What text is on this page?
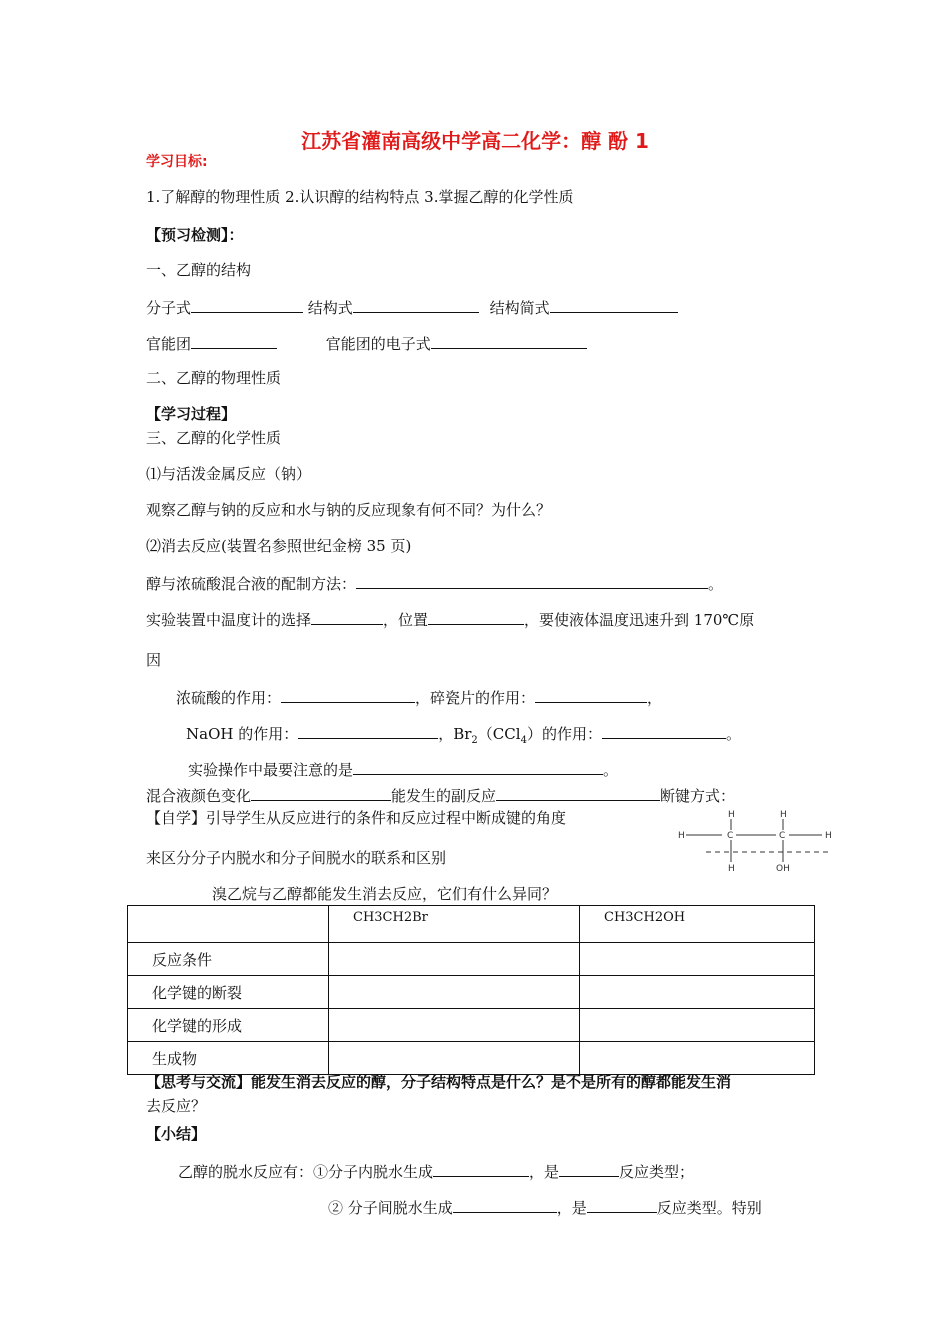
江苏省灌南高级中学高二化学：醇 酚 1
学习目标:
1.了解醇的物理性质 2.认识醇的结构特点 3.掌握乙醇的化学性质
【预习检测】：
一、乙醇的结构
分子式	结构式	结构简式
官能团	官能团的电子式
二、乙醇的物理性质
【学习过程】
三、乙醇的化学性质
⑴与活泼金属反应（钠）
观察乙醇与钠的反应和水与钠的反应现象有何不同？为什么？
⑵消去反应(装置名参照世纪金榜 35 页)
醇与浓硫酸混合液的配制方法：	。
实验装置中温度计的选择	，位置	，要使液体温度迅速升到 170℃原
因
浓硫酸的作用：	，碎瓷片的作用：	，
NaOH 的作用：	，$Br_2(CCl_4)$的作用：	。
实验操作中最要注意的是	。
混合液颜色变化	能发生的副反应	断键方式：
【自学】引导学生从反应进行的条件和反应过程中断成键的角度
来区分分子内脱水和分子间脱水的联系和区别
H	H
H	C	C	H
H	OH
溴乙烷与乙醇都能发生消去反应，它们有什么异同？
	CH3CH2Br	CH3CH2OH
反应条件		
化学键的断裂		
化学键的形成		
生成物		
【思考与交流】能发生消去反应的醇，分子结构特点是什么？是不是所有的醇都能发生消
去反应？
【小结】
乙醇的脱水反应有：①分子内脱水生成	，是	反应类型；
② 分子间脱水生成	，是	反应类型。特别
